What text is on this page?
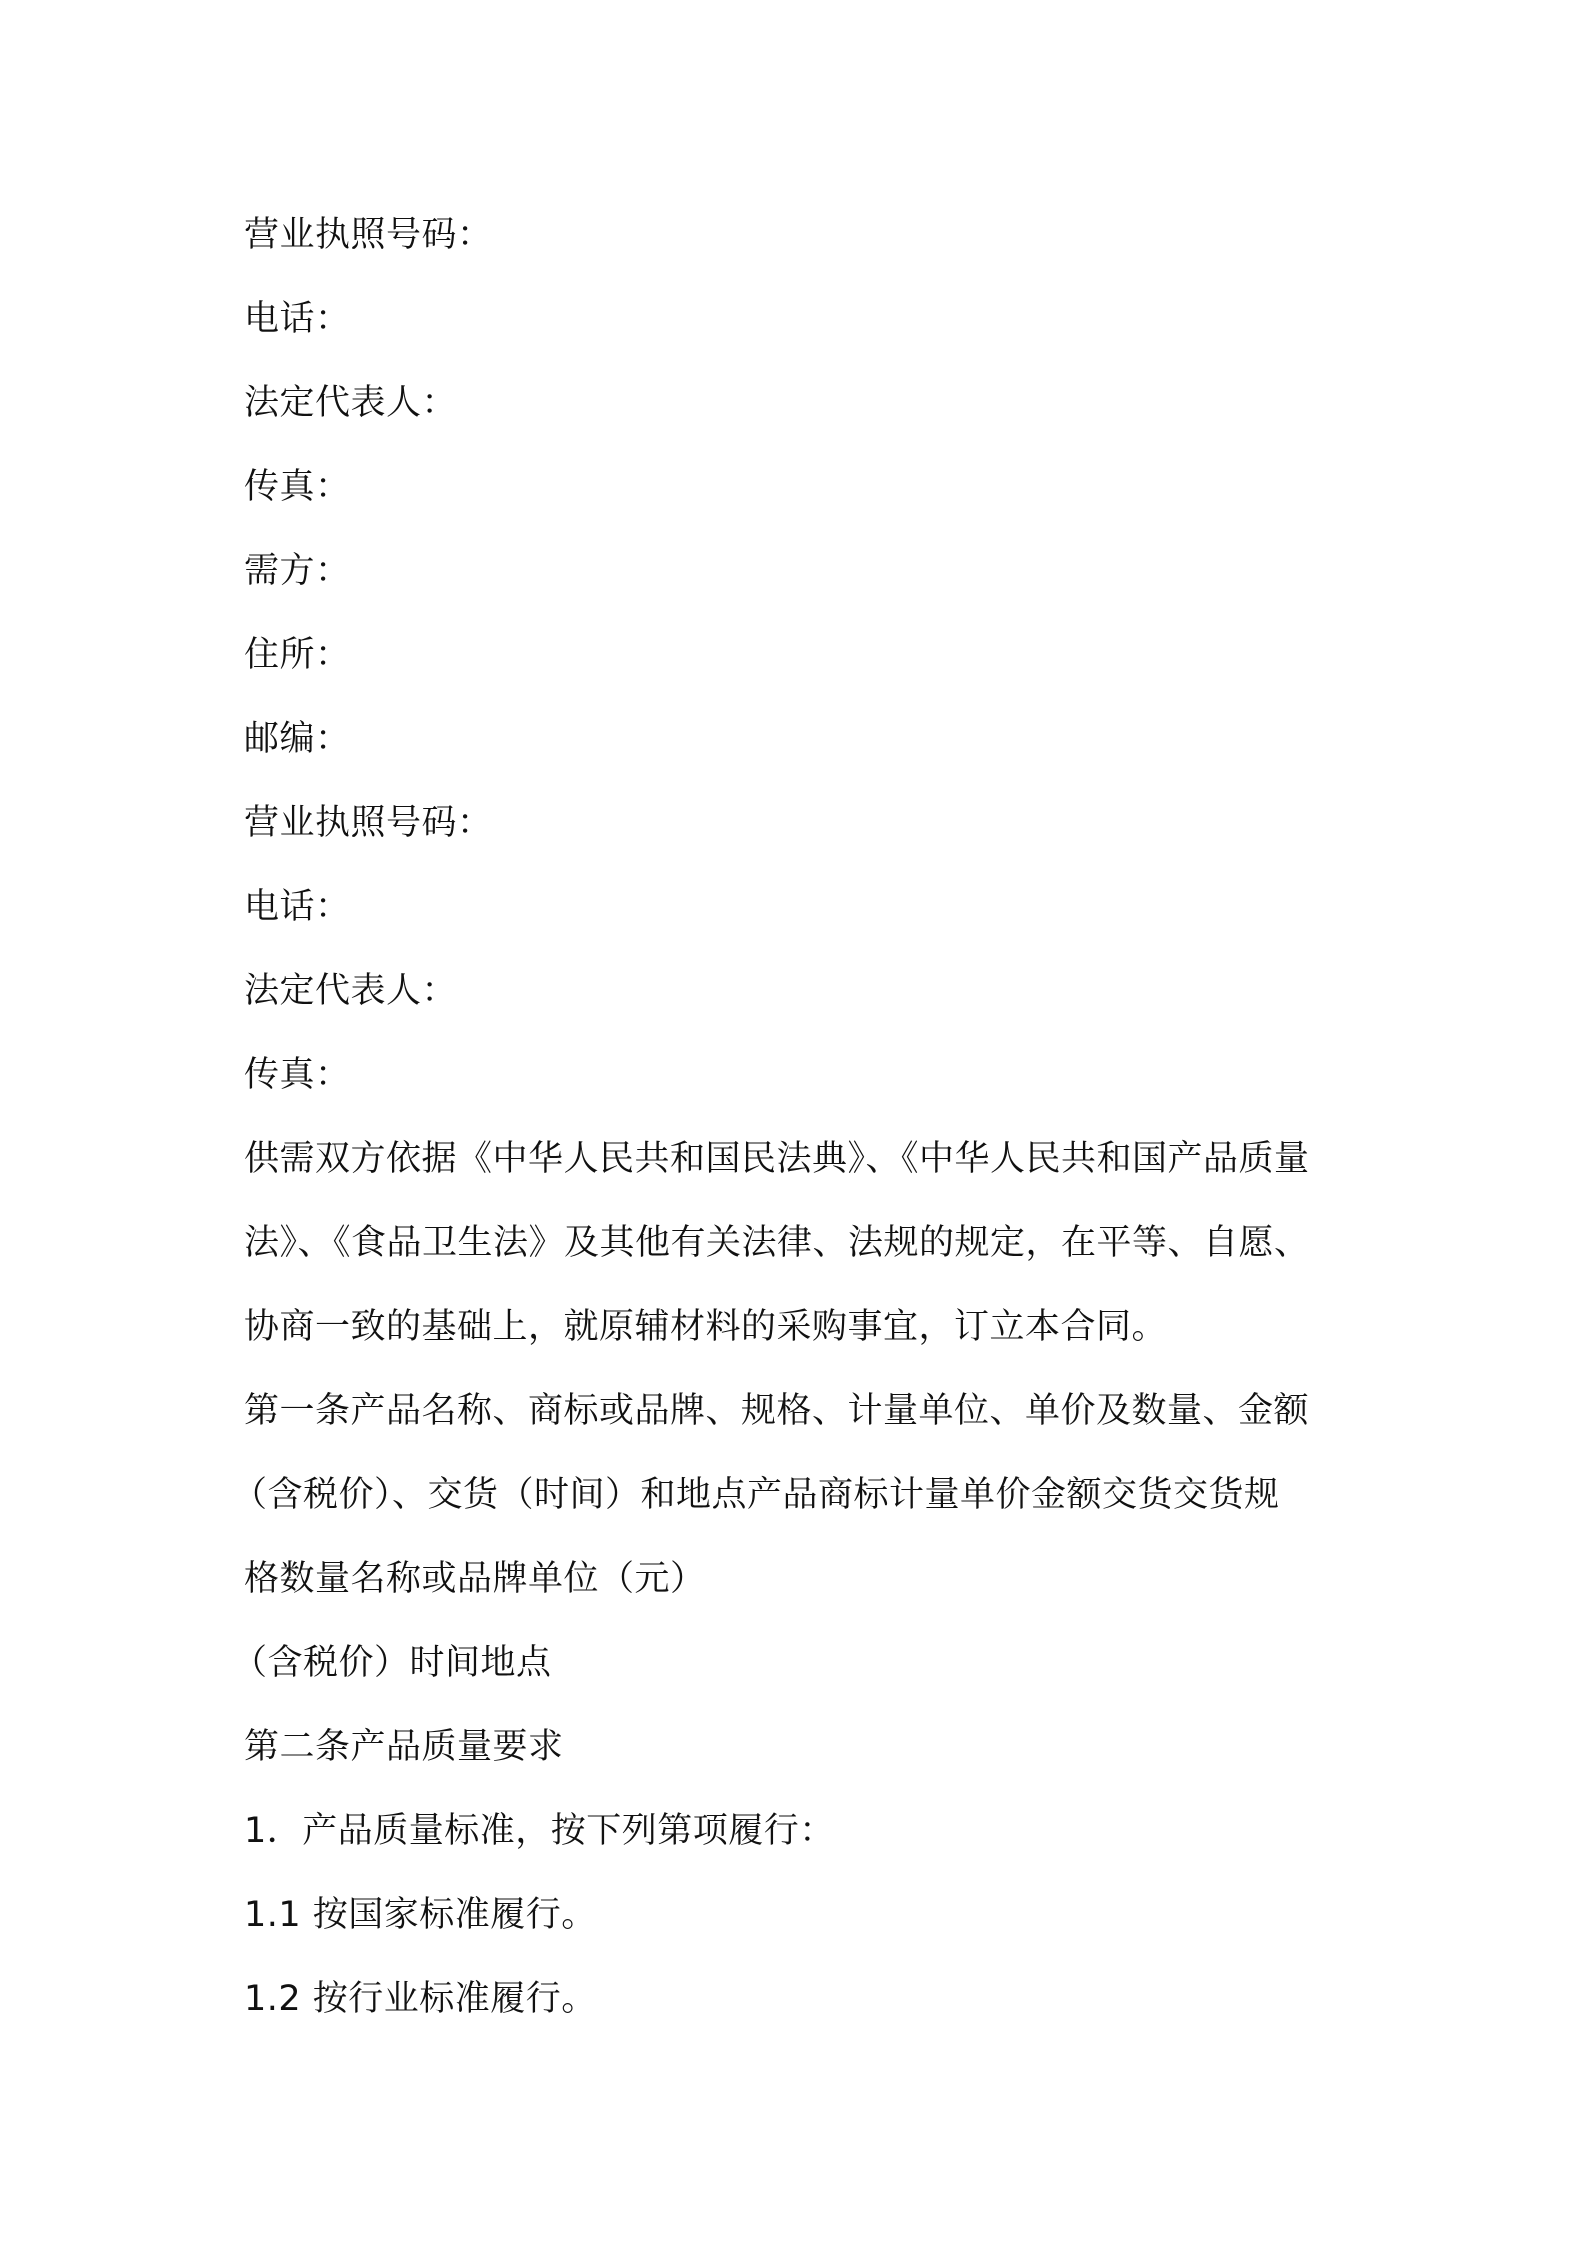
营业执照号码：

电话：

法定代表人：

传真：

需方：

住所：

邮编：

营业执照号码：

电话：

法定代表人：

传真：

供需双方依据《中华人民共和国民法典》、《中华人民共和国产品质量
法》、《食品卫生法》及其他有关法律、法规的规定，在平等、自愿、
协商一致的基础上，就原辅材料的采购事宜，订立本合同。
第一条产品名称、商标或品牌、规格、计量单位、单价及数量、金额
（含税价）、交货（时间）和地点产品商标计量单价金额交货交货规
格数量名称或品牌单位（元）
（含税价）时间地点

第二条产品质量要求

1．产品质量标准，按下列第项履行：

1.1 按国家标准履行。

1.2 按行业标准履行。
